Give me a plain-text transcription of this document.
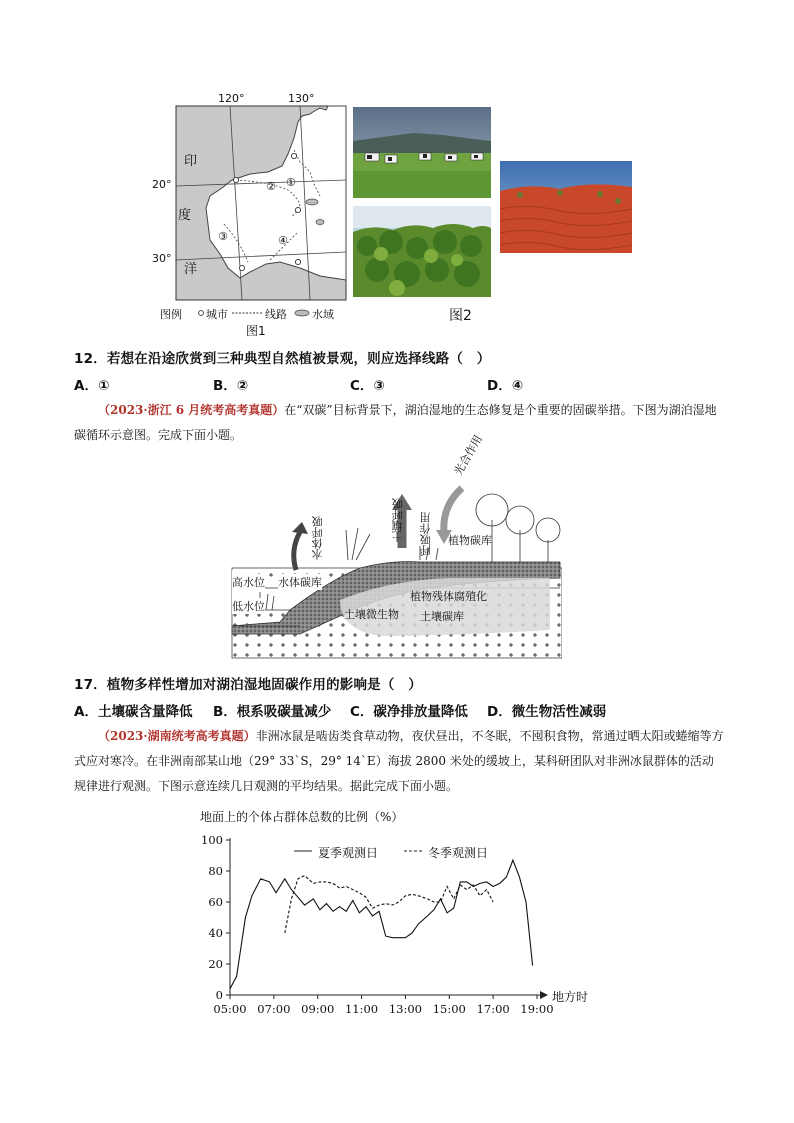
120°	130°
20°
30°
印
度
洋
①
②
③	④
图例 城市	线路 水域
图1
图2
12．若想在沿途欣赏到三种典型自然植被景观，则应选择线路（　）
A．①	B．②	C．③	D．④
（2023·浙江 6 月统考高考真题）在“双碳”目标背景下，湖泊湿地的生态修复是个重要的固碳举措。下图为湖泊湿地碳循环示意图。完成下面小题。
水体呼吸	土壤呼吸 呼吸作用
光合作用
植物碳库
高水位 水体碳库
低水位
植物残体腐殖化
土壤微生物 土壤碳库
17．植物多样性增加对湖泊湿地固碳作用的影响是（　）
A．土壤碳含量降低 B．根系吸碳量减少 C．碳净排放量降低 D．微生物活性减弱
（2023·湖南统考高考真题）非洲冰鼠是啮齿类食草动物，夜伏昼出，不冬眠，不囤积食物，常通过晒太阳或蜷缩等方式应对寒冷。在非洲南部某山地（29° 33`S，29° 14`E）海拔 2800 米处的缓坡上，某科研团队对非洲冰鼠群体的活动规律进行观测。下图示意连续几日观测的平均结果。据此完成下面小题。
0
20
40
60
80
100
05:00 07:00 09:00 11:00 13:00 15:00 17:00 19:00
地面上的个体占群体总数的比例（%）
夏季观测日	冬季观测日
地方时
